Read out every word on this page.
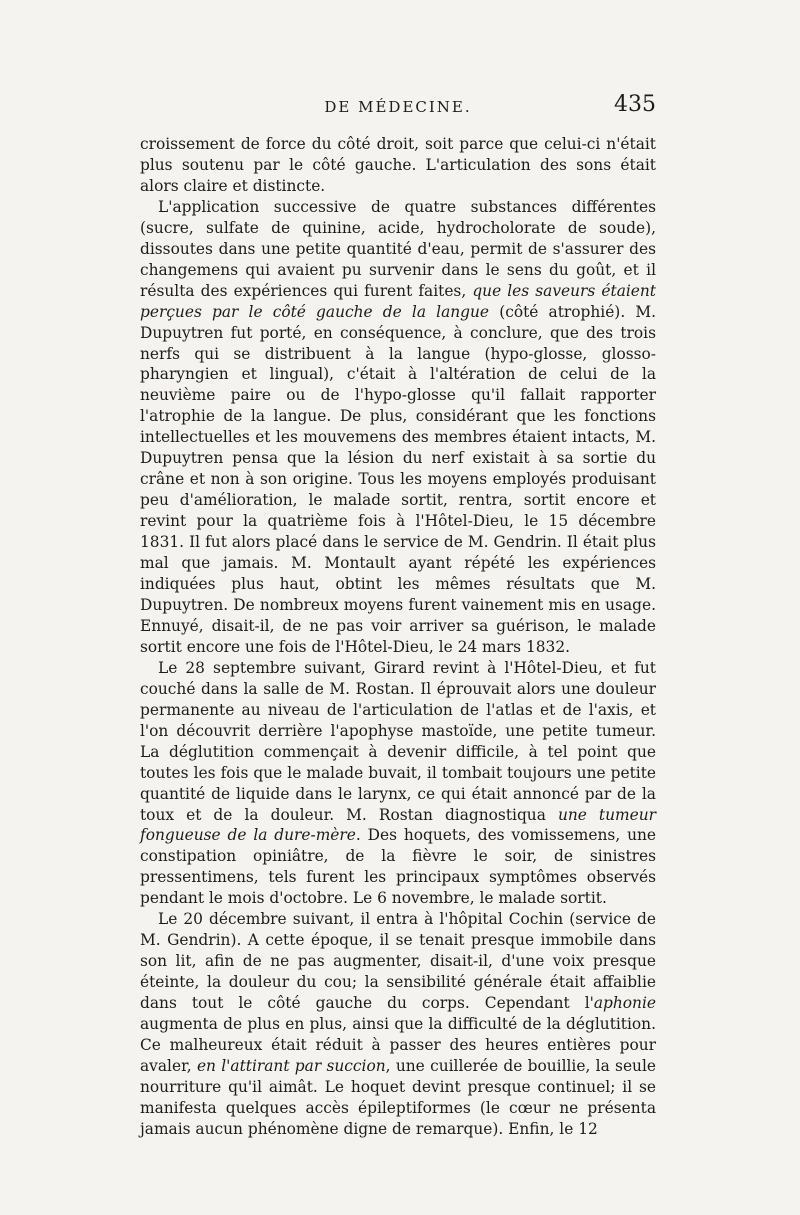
DE MÉDECINE.	435

croissement de force du côté droit, soit parce que celui-ci n'était plus soutenu par le côté gauche. L'articulation des sons était alors claire et distincte.

L'application successive de quatre substances différentes (sucre, sulfate de quinine, acide, hydrocholorate de soude), dissoutes dans une petite quantité d'eau, permit de s'assurer des changemens qui avaient pu survenir dans le sens du goût, et il résulta des expériences qui furent faites, que les saveurs étaient perçues par le côté gauche de la langue (côté atrophié). M. Dupuytren fut porté, en conséquence, à conclure, que des trois nerfs qui se distribuent à la langue (hypo-glosse, glosso-pharyngien et lingual), c'était à l'altération de celui de la neuvième paire ou de l'hypo-glosse qu'il fallait rapporter l'atrophie de la langue. De plus, considérant que les fonctions intellectuelles et les mouvemens des membres étaient intacts, M. Dupuytren pensa que la lésion du nerf existait à sa sortie du crâne et non à son origine. Tous les moyens employés produisant peu d'amélioration, le malade sortit, rentra, sortit encore et revint pour la quatrième fois à l'Hôtel-Dieu, le 15 décembre 1831. Il fut alors placé dans le service de M. Gendrin. Il était plus mal que jamais. M. Montault ayant répété les expériences indiquées plus haut, obtint les mêmes résultats que M. Dupuytren. De nombreux moyens furent vainement mis en usage. Ennuyé, disait-il, de ne pas voir arriver sa guérison, le malade sortit encore une fois de l'Hôtel-Dieu, le 24 mars 1832.

Le 28 septembre suivant, Girard revint à l'Hôtel-Dieu, et fut couché dans la salle de M. Rostan. Il éprouvait alors une douleur permanente au niveau de l'articulation de l'atlas et de l'axis, et l'on découvrit derrière l'apophyse mastoïde, une petite tumeur. La déglutition commençait à devenir difficile, à tel point que toutes les fois que le malade buvait, il tombait toujours une petite quantité de liquide dans le larynx, ce qui était annoncé par de la toux et de la douleur. M. Rostan diagnostiqua une tumeur fongueuse de la dure-mère. Des hoquets, des vomissemens, une constipation opiniâtre, de la fièvre le soir, de sinistres pressentimens, tels furent les principaux symptômes observés pendant le mois d'octobre. Le 6 novembre, le malade sortit.

Le 20 décembre suivant, il entra à l'hôpital Cochin (service de M. Gendrin). A cette époque, il se tenait presque immobile dans son lit, afin de ne pas augmenter, disait-il, d'une voix presque éteinte, la douleur du cou; la sensibilité générale était affaiblie dans tout le côté gauche du corps. Cependant l'aphonie augmenta de plus en plus, ainsi que la difficulté de la déglutition. Ce malheureux était réduit à passer des heures entières pour avaler, en l'attirant par succion, une cuillerée de bouillie, la seule nourriture qu'il aimât. Le hoquet devint presque continuel; il se manifesta quelques accès épileptiformes (le cœur ne présenta jamais aucun phénomène digne de remarque). Enfin, le 12
